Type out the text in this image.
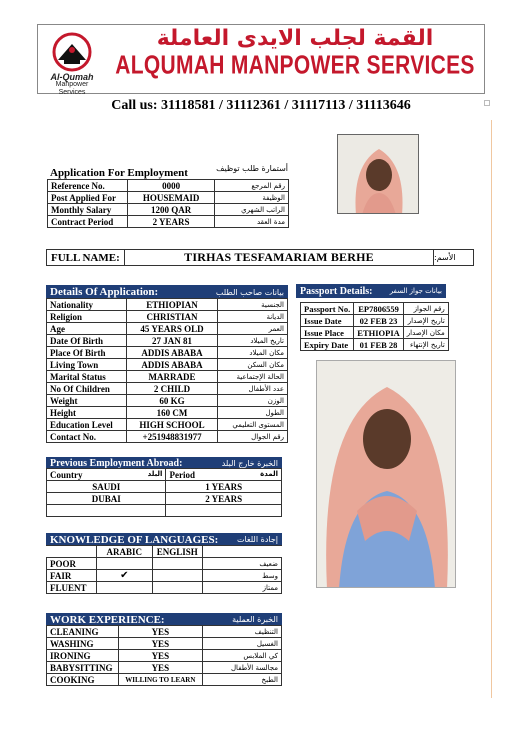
Al-Qumah
Manpower Services
القمة لجلب الايدى العاملة
ALQUMAH MANPOWER SERVICES
Call us: 31118581 / 31112361 / 31117113 / 31113646
Application For Employment	أستمارة طلب توظيف
Reference No.	0000	رقم المرجع
Post Applied For	HOUSEMAID	الوظيفة
Monthly Salary	1200 QAR	الراتب الشهري
Contract Period	2 YEARS	مدة العقد
FULL NAME:	TIRHAS TESFAMARIAM BERHE	الأسم:
Details Of Application:	بيانات صاحب الطلب
Nationality	ETHIOPIAN	الجنسية
Religion	CHRISTIAN	الديانة
Age	45 YEARS OLD	العمر
Date Of Birth	27 JAN 81	تاريخ الميلاد
Place Of Birth	ADDIS ABABA	مكان الميلاد
Living Town	ADDIS ABABA	مكان السكن
Marital Status	MARRADE	الحالة الإجتماعية
No Of Children	2 CHILD	عدد الأطفال
Weight	60 KG	الوزن
Height	160 CM	الطول
Education Level	HIGH SCHOOL	المستوى التعليمي
Contact No.	+251948831977	رقم الجوال
Passport Details: بيانات جواز السفر
Passport No.	EP7806559	رقم الجواز
Issue Date	02 FEB 23	تاريخ الإصدار
Issue Place	ETHIOPIA	مكان الإصدار
Expiry Date	01 FEB 28	تاريخ الإنتهاء
Previous Employment Abroad:	الخبرة خارج البلد
Country البلد	Period المدة

SAUDI	1 YEARS
DUBAI	2 YEARS

KNOWLEDGE OF LANGUAGES: إجادة اللغات
	ARABIC	ENGLISH	
POOR			ضعيف
FAIR	✔		وسط
FLUENT			ممتاز
WORK EXPERIENCE:	الخبرة العملية
CLEANING	YES	التنظيف
WASHING	YES	الغسيل
IRONING	YES	كي الملابس
BABYSITTING	YES	مجالسة الأطفال
COOKING	WILLING TO LEARN	الطبخ
